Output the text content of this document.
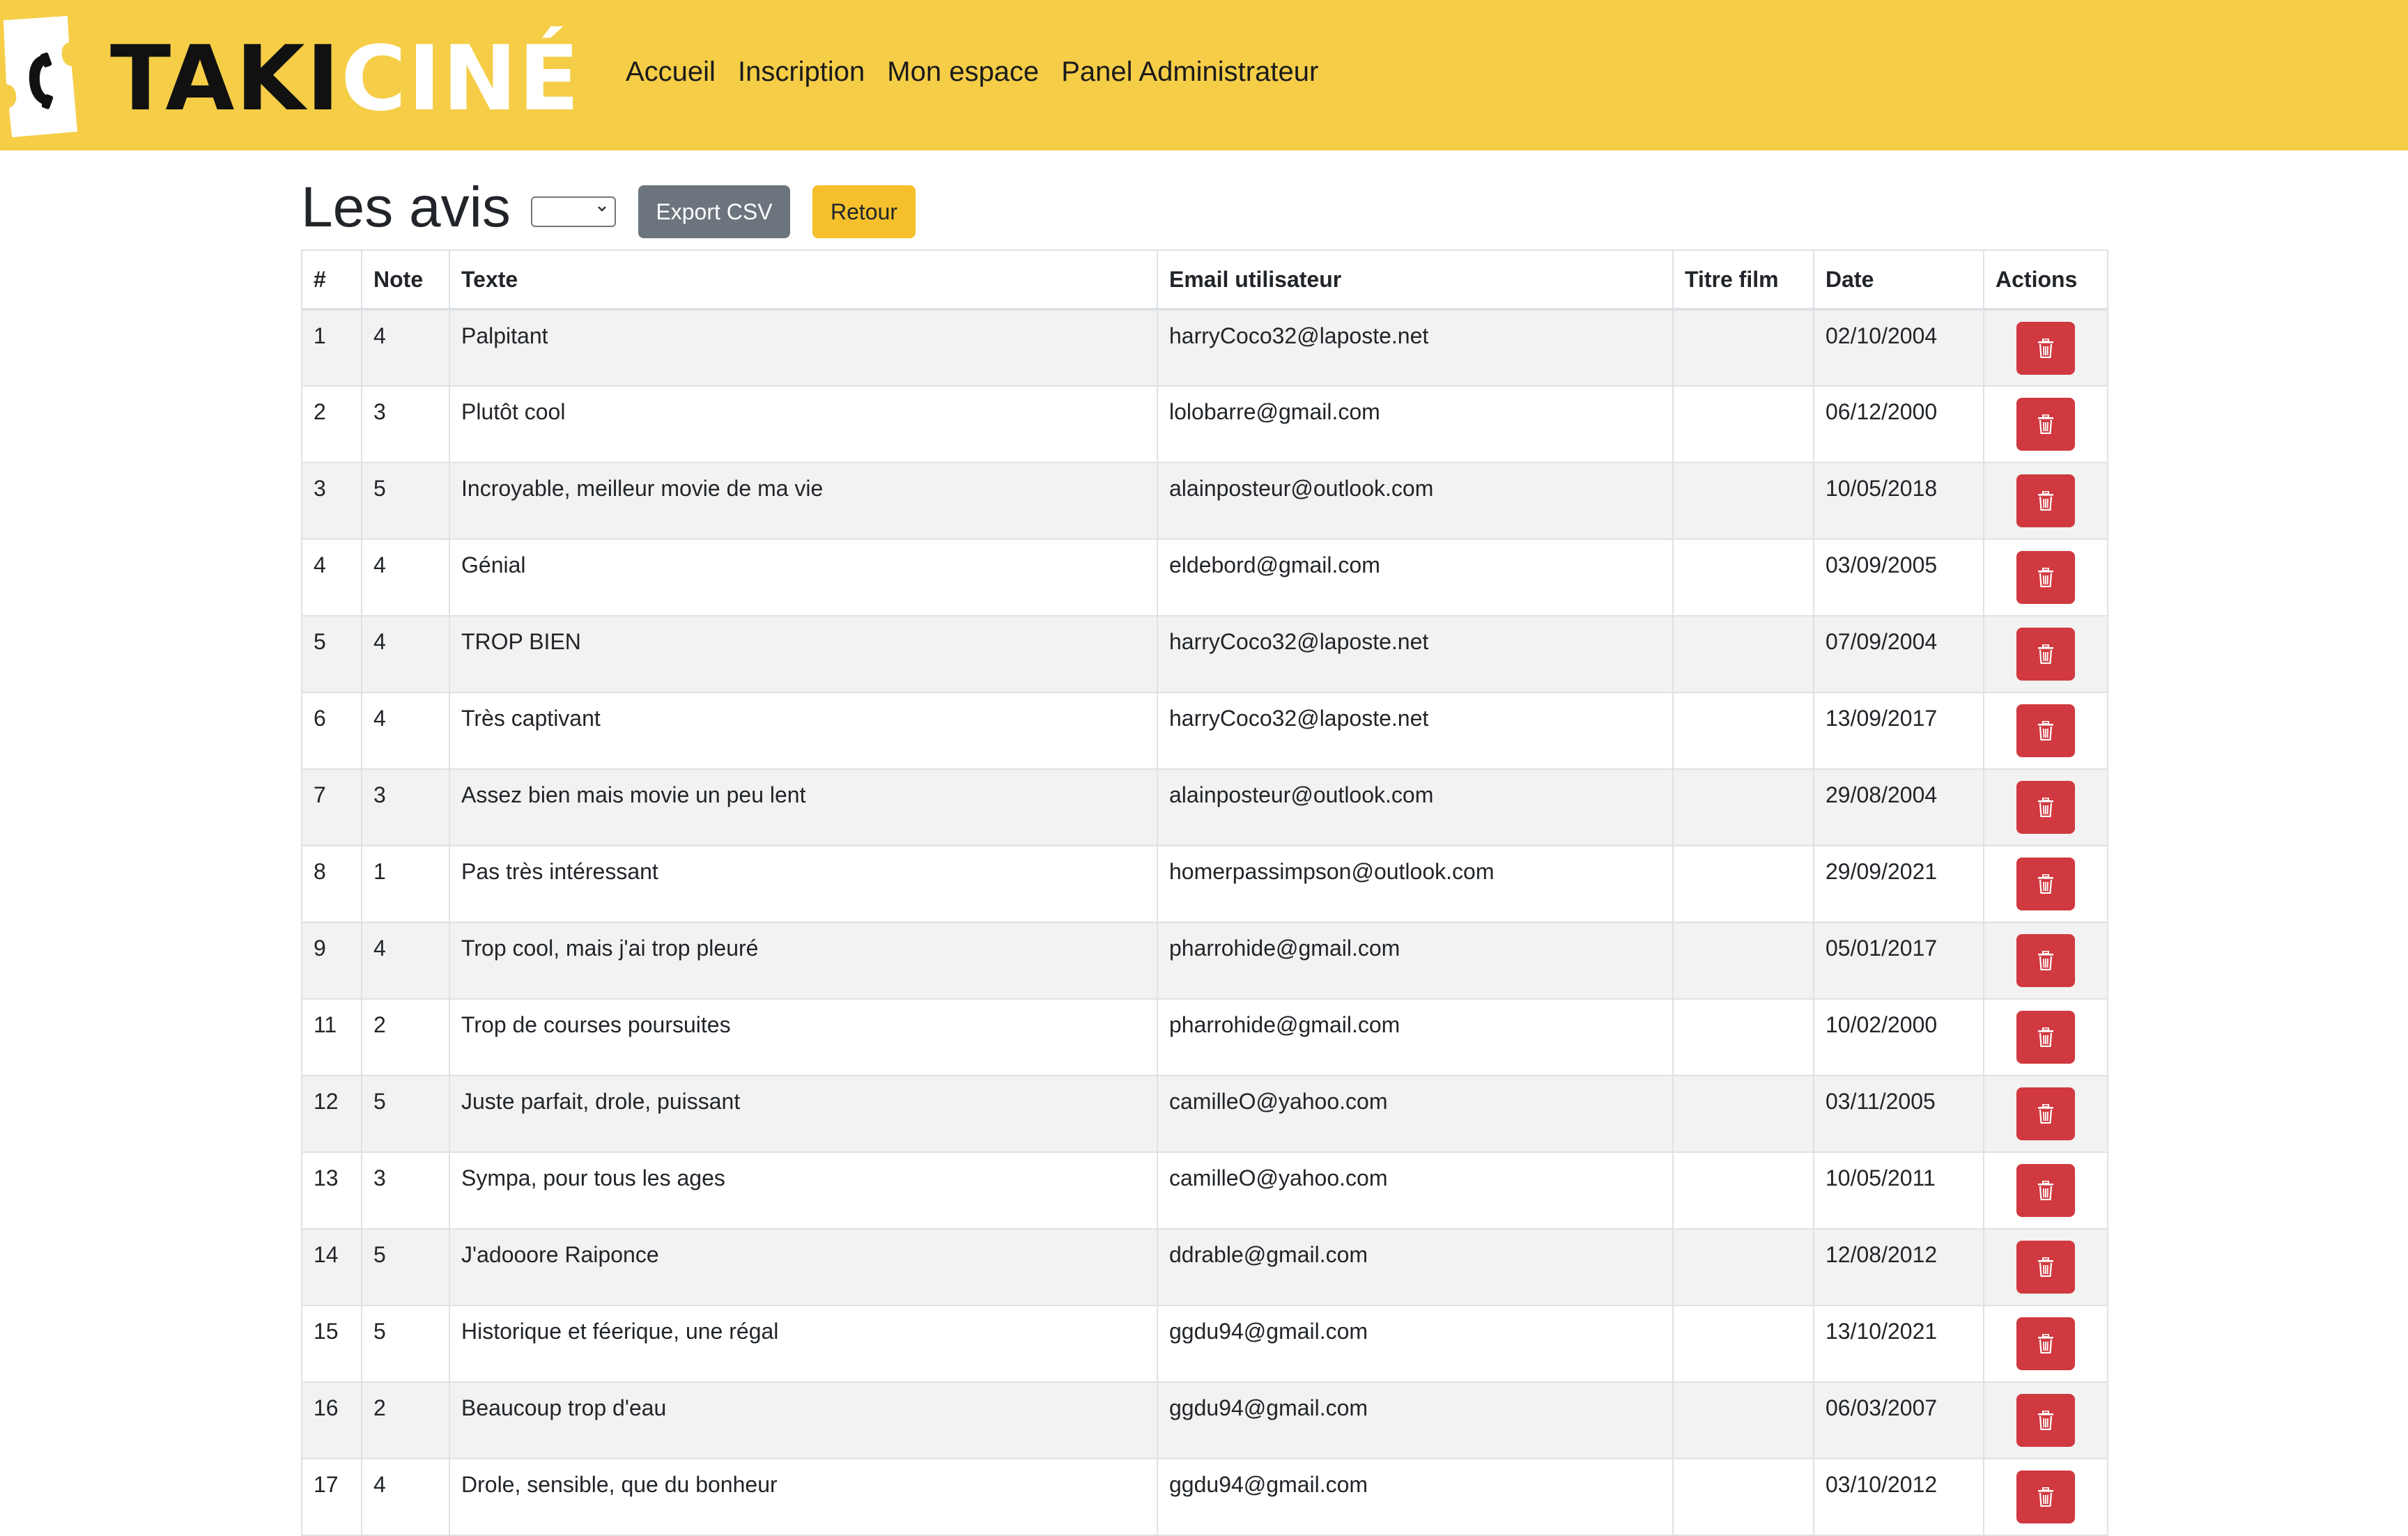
TAKICINÉ Accueil Inscription Mon espace Panel Administrateur
Les avis	Export CSV	Retour
#	Note	Texte	Email utilisateur	Titre film	Date	Actions
1	4	Palpitant	harryCoco32@laposte.net		02/10/2004	

2	3	Plutôt cool	lolobarre@gmail.com		06/12/2000	

3	5	Incroyable, meilleur movie de ma vie	alainposteur@outlook.com		10/05/2018	

4	4	Génial	eldebord@gmail.com		03/09/2005	

5	4	TROP BIEN	harryCoco32@laposte.net		07/09/2004	

6	4	Très captivant	harryCoco32@laposte.net		13/09/2017	

7	3	Assez bien mais movie un peu lent	alainposteur@outlook.com		29/08/2004	

8	1	Pas très intéressant	homerpassimpson@outlook.com		29/09/2021	

9	4	Trop cool, mais j'ai trop pleuré	pharrohide@gmail.com		05/01/2017	

11	2	Trop de courses poursuites	pharrohide@gmail.com		10/02/2000	

12	5	Juste parfait, drole, puissant	camilleO@yahoo.com		03/11/2005	

13	3	Sympa, pour tous les ages	camilleO@yahoo.com		10/05/2011	

14	5	J'adooore Raiponce	ddrable@gmail.com		12/08/2012	

15	5	Historique et féerique, une régal	ggdu94@gmail.com		13/10/2021	

16	2	Beaucoup trop d'eau	ggdu94@gmail.com		06/03/2007	

17	4	Drole, sensible, que du bonheur	ggdu94@gmail.com		03/10/2012	
